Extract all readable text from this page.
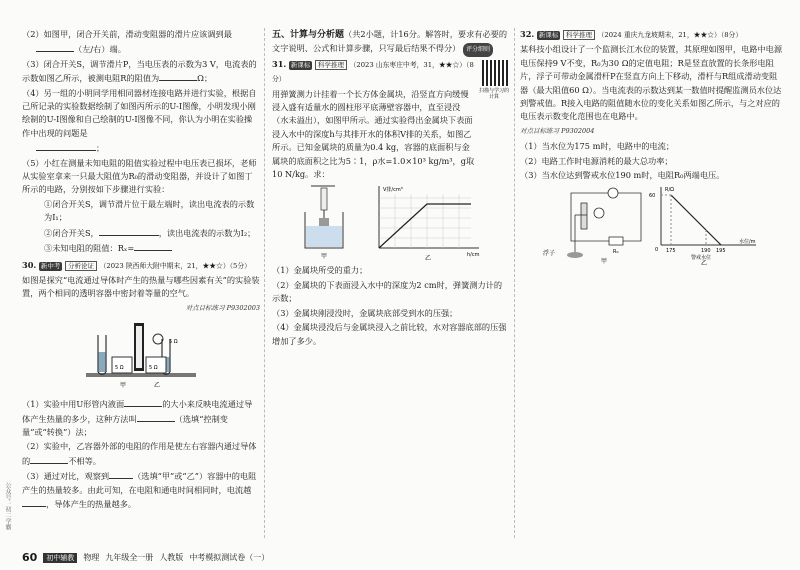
（2）如图甲，闭合开关前，滑动变阻器的滑片应该调到最

（左/右）端。

（3）闭合开关S，调节滑片P，当电压表的示数为3 V，电流表的示数如图乙所示，被测电阻R的阻值为	Ω；

（4）另一组的小明同学用相同器材连接电路并进行实验，根据自己所记录的实验数据绘制了如图丙所示的U-I图像，小明发现小刚绘制的U-I图像和自己绘制的U-I图像不同，你认为小明在实验操作中出现的问题是

；

（5）小红在测量未知电阻的阻值实验过程中电压表已损坏，老师从实验室拿来一只最大阻值为R₀的滑动变阻器，并设计了如图丁所示的电路，分别按如下步骤进行实验：

①闭合开关S，调节滑片位于最左端时，读出电流表的示数为I₁；

②闭合开关S，	，读出电流表的示数为I₂；

③未知电阻的阻值：Rₓ=

30. 新中考 分析论证 （2023 陕西师大附中期末，21，★★☆）（5分）

如图是探究“电流通过导体时产生的热量与哪些因素有关”的实验装置，两个相同的透明容器中密封着等量的空气。

对点目标练习 P9302003
5 Ω	5 Ω
5 Ω
甲	乙

（1）实验中用U形管内液面	的大小来反映电流通过导体产生热量的多少，这种方法叫	（选填“控制变量”或“转换”）法；

（2）实验中，乙容器外部的电阻的作用是使左右容器内通过导体的	不相等。

（3）通过对比，观察到	（选填“甲”或“乙”）容器中的电阻产生的热量较多。由此可知，在电阻和通电时间相同时，电流越，导体产生的热量越多。

五、计算与分析题（共2小题，计16分。解答时，要求有必要的文字说明、公式和计算步骤，只写最后结果不得分） 评分细则

扫描与学习的计算

31. 新课标 科学推理 （2023 山东枣庄中考，31，★★☆）（8分）

用弹簧测力计挂着一个长方体金属块，沿竖直方向缓慢浸入盛有适量水的圆柱形平底薄壁容器中，直至浸没（水未溢出），如图甲所示。通过实验得出金属块下表面浸入水中的深度h与其排开水的体积V排的关系，如图乙所示。已知金属块的质量为0.4 kg，容器的底面积与金属块的底面积之比为5∶1，ρ水=1.0×10³ kg/m³，g取10 N/kg。求：

甲
V排/cm³
h/cm
乙

（1）金属块所受的重力；

（2）金属块的下表面浸入水中的深度为2 cm时，弹簧测力计的示数；

（3）金属块刚浸没时，金属块底部受到水的压强；

（4）金属块浸没后与金属块浸入之前比较，水对容器底部的压强增加了多少。

32. 新课标 科学推理 （2024 重庆九龙坡期末，21，★★☆）（8分）

某科技小组设计了一个监测长江水位的装置，其原理如图甲，电路中电源电压保持9 V不变，R₀为30 Ω的定值电阻；R是竖直放置的长条形电阻片，浮子可带动金属滑杆P在竖直方向上下移动，滑杆与R组成滑动变阻器（最大阻值60 Ω）。当电流表的示数达到某一数值时提醒监测员水位达到警戒值。R接入电路的阻值随水位的变化关系如图乙所示，与之对应的电压表示数变化范围也在电路中。

对点目标练习 P9302004

（1）当水位为175 m时，电路中的电流；

（2）电路工作时电源消耗的最大总功率；

（3）当水位达到警戒水位190 m时，电阻R₀两端电压。

浮子	R₀
甲
R/Ω
60
0 175	190 195
水位/m
警戒水位
乙
60	初中辅教	物理 九年级全一册 人教版 中考模拟测试卷（一）
公众号：初二学霸
